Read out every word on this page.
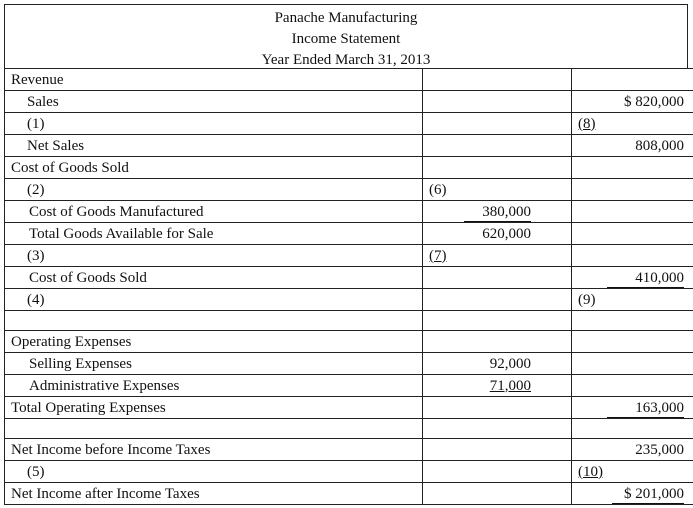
Panache Manufacturing
Income Statement
Year Ended March 31, 2013
Revenue		
Sales		$ 820,000
(1)		(8)
Net Sales		808,000
Cost of Goods Sold		
(2)	(6)	
Cost of Goods Manufactured	380,000	
Total Goods Available for Sale	620,000	
(3)	(7)	
Cost of Goods Sold		410,000
(4)		(9)

Operating Expenses		
Selling Expenses	92,000	
Administrative Expenses	71,000	
Total Operating Expenses		163,000

Net Income before Income Taxes		235,000
(5)		(10)
Net Income after Income Taxes		$ 201,000
